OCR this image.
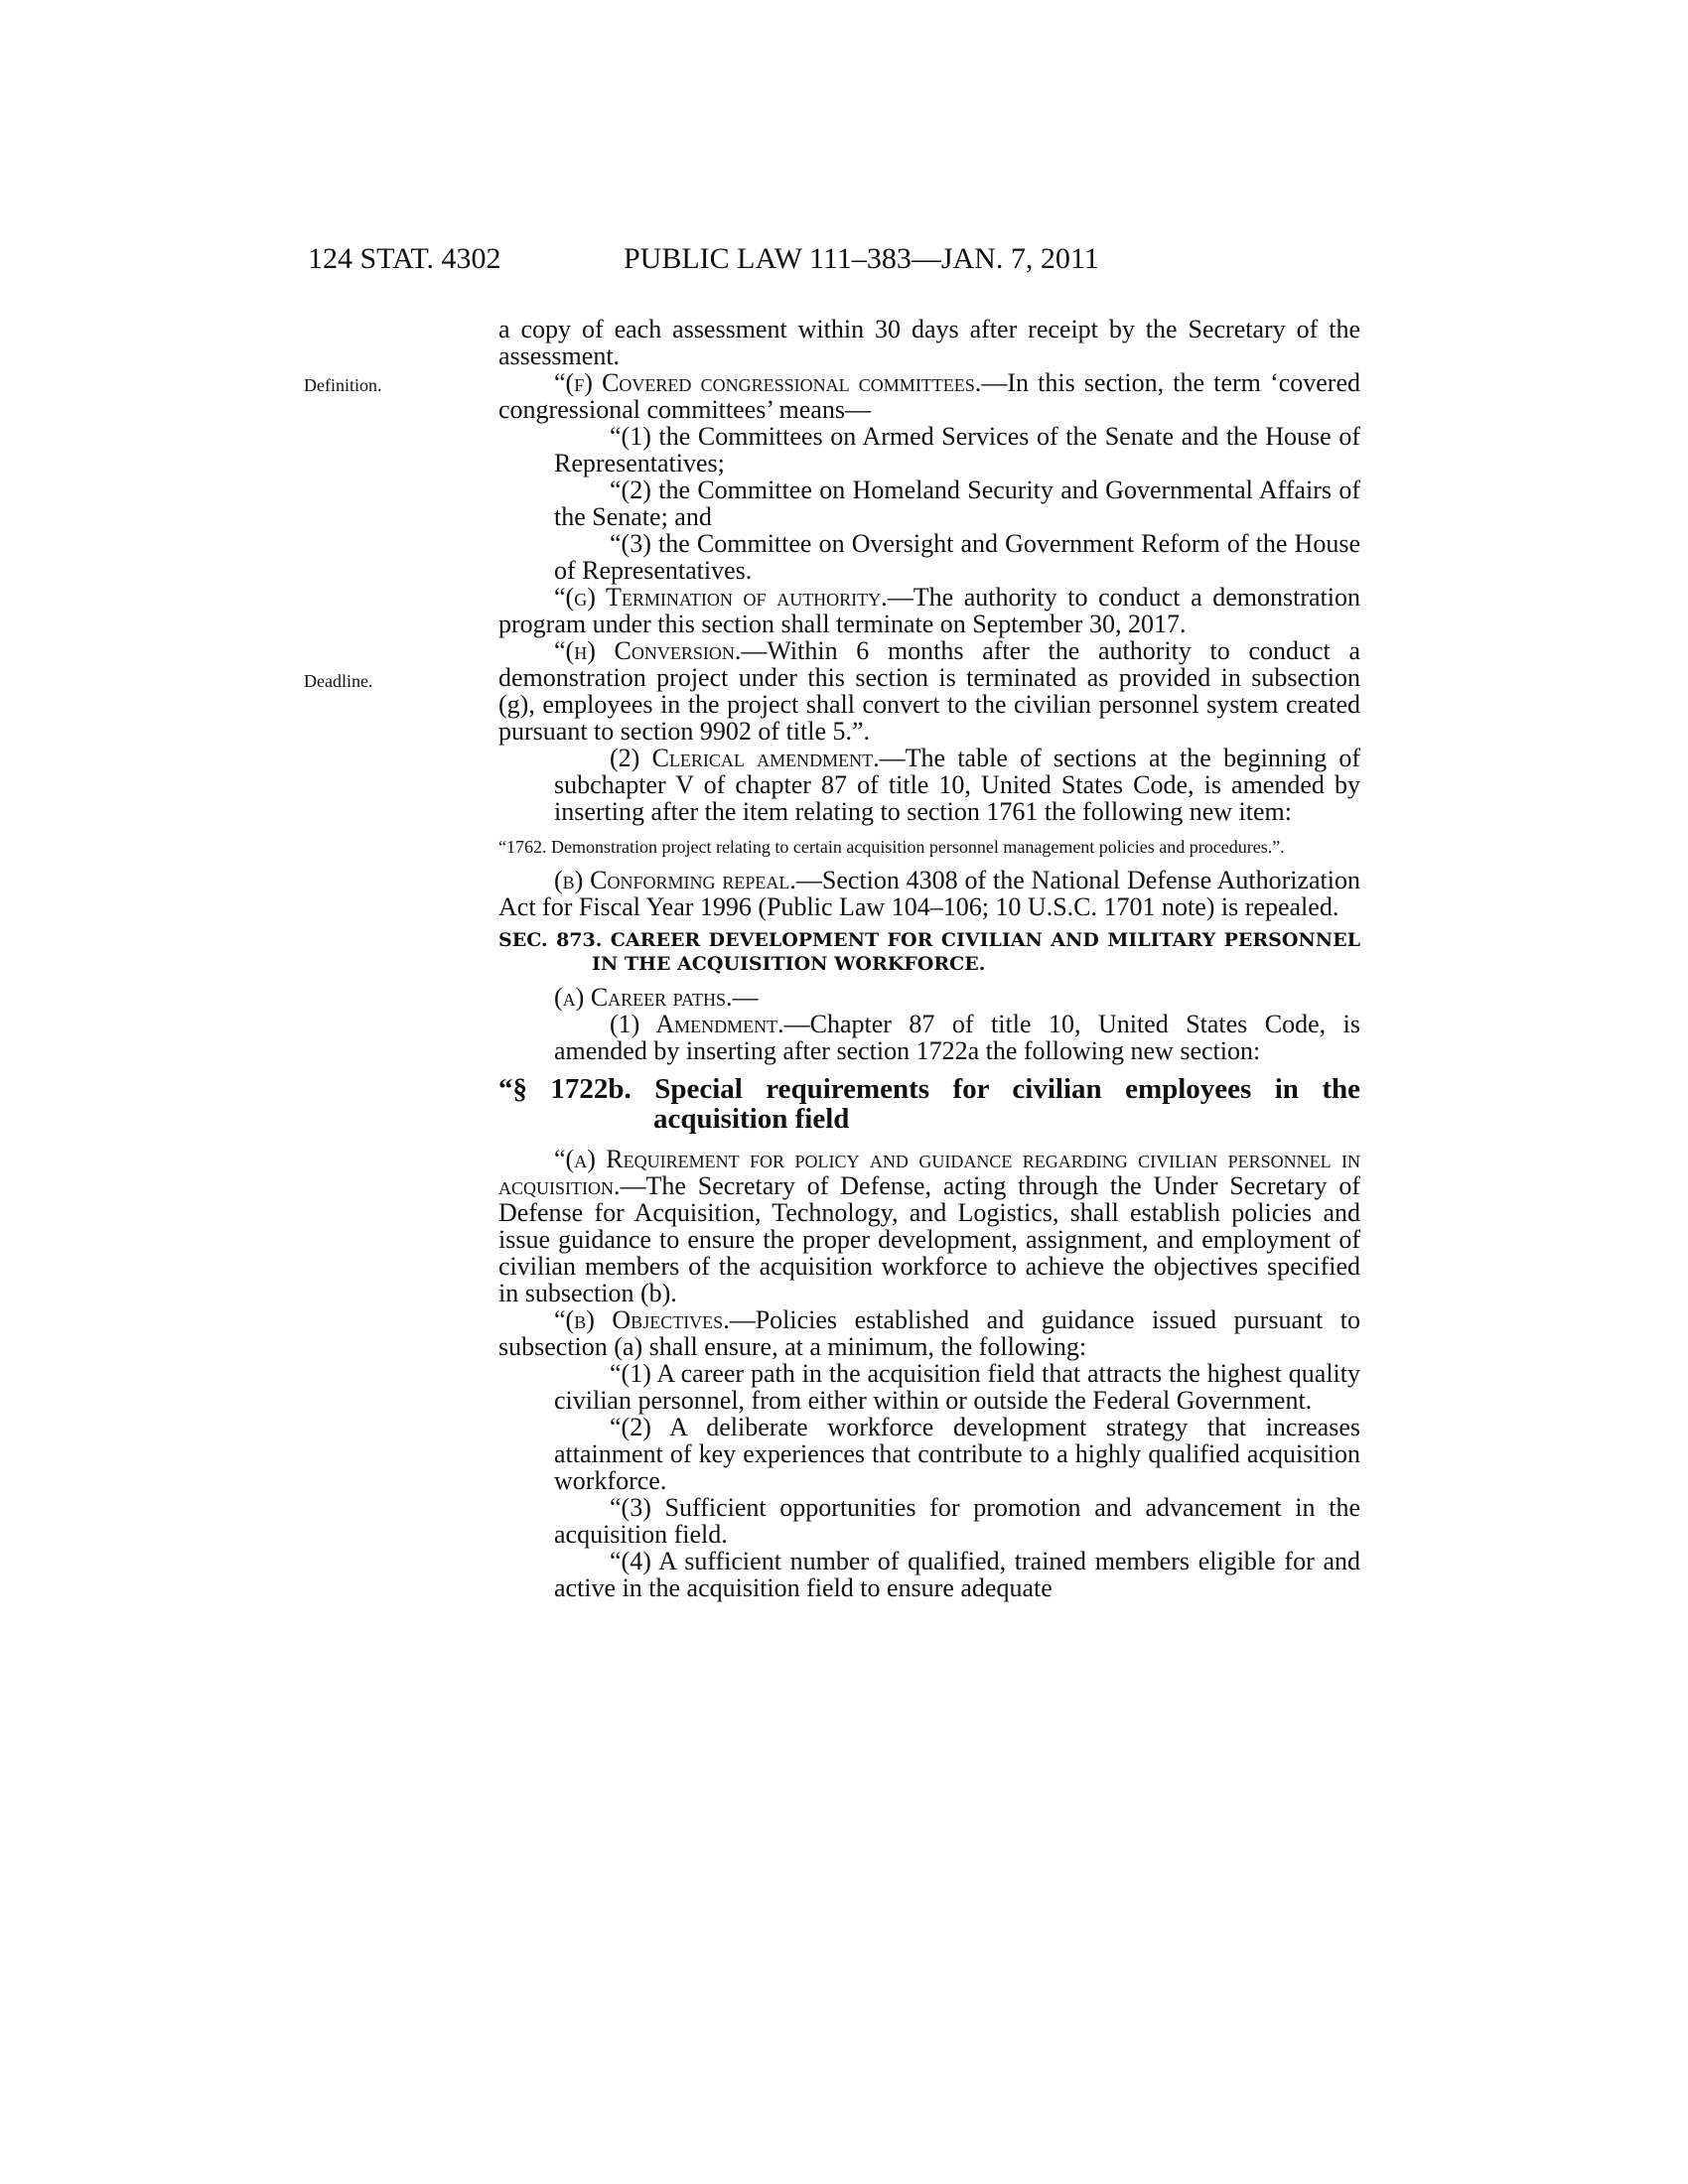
124 STAT. 4302	PUBLIC LAW 111–383—JAN. 7, 2011
Definition.
Deadline.

a copy of each assessment within 30 days after receipt by the Secretary of the assessment.

“(f) Covered congressional committees.—In this section, the term ‘covered congressional committees’ means—

“(1) the Committees on Armed Services of the Senate and the House of Representatives;

“(2) the Committee on Homeland Security and Governmental Affairs of the Senate; and

“(3) the Committee on Oversight and Government Reform of the House of Representatives.

“(g) Termination of authority.—The authority to conduct a demonstration program under this section shall terminate on September 30, 2017.

“(h) Conversion.—Within 6 months after the authority to conduct a demonstration project under this section is terminated as provided in subsection (g), employees in the project shall convert to the civilian personnel system created pursuant to section 9902 of title 5.”.

(2) Clerical amendment.—The table of sections at the beginning of subchapter V of chapter 87 of title 10, United States Code, is amended by inserting after the item relating to section 1761 the following new item:

“1762. Demonstration project relating to certain acquisition personnel management policies and procedures.”.

(b) Conforming repeal.—Section 4308 of the National Defense Authorization Act for Fiscal Year 1996 (Public Law 104–106; 10 U.S.C. 1701 note) is repealed.

SEC. 873. CAREER DEVELOPMENT FOR CIVILIAN AND MILITARY PERSONNEL IN THE ACQUISITION WORKFORCE.

(a) Career paths.—

(1) Amendment.—Chapter 87 of title 10, United States Code, is amended by inserting after section 1722a the following new section:

“§ 1722b. Special requirements for civilian employees in the acquisition field

“(a) Requirement for policy and guidance regarding civilian personnel in acquisition.—The Secretary of Defense, acting through the Under Secretary of Defense for Acquisition, Technology, and Logistics, shall establish policies and issue guidance to ensure the proper development, assignment, and employment of civilian members of the acquisition workforce to achieve the objectives specified in subsection (b).

“(b) Objectives.—Policies established and guidance issued pursuant to subsection (a) shall ensure, at a minimum, the following:

“(1) A career path in the acquisition field that attracts the highest quality civilian personnel, from either within or outside the Federal Government.

“(2) A deliberate workforce development strategy that increases attainment of key experiences that contribute to a highly qualified acquisition workforce.

“(3) Sufficient opportunities for promotion and advancement in the acquisition field.

“(4) A sufficient number of qualified, trained members eligible for and active in the acquisition field to ensure adequate
